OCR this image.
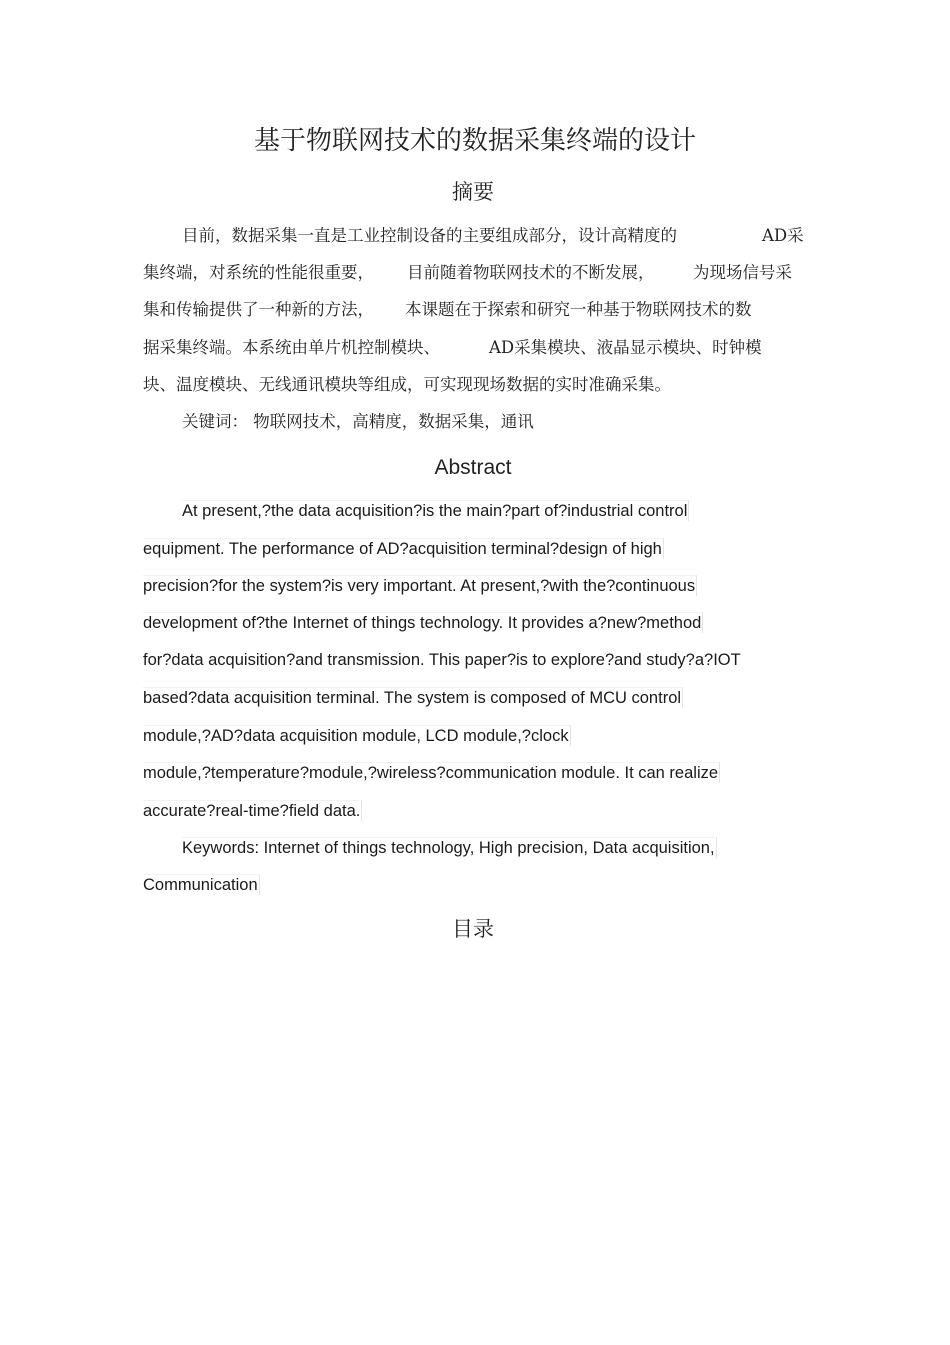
基于物联网技术的数据采集终端的设计
摘要
目前，数据采集一直是工业控制设备的主要组成部分，设计高精度的	AD采
集终端，对系统的性能很重要， 目前随着物联网技术的不断发展， 为现场信号采
集和传输提供了一种新的方法， 本课题在于探索和研究一种基于物联网技术的数
据采集终端。本系统由单片机控制模块、	AD采集模块、液晶显示模块、时钟模
块、温度模块、无线通讯模块等组成，可实现现场数据的实时准确采集。
关键词： 物联网技术，高精度，数据采集，通讯
Abstract
At present,?the data acquisition?is the main?part of?industrial control
equipment. The performance of AD?acquisition terminal?design of high
precision?for the system?is very important. At present,?with the?continuous
development of?the Internet of things technology. It provides a?new?method
for?data acquisition?and transmission. This paper?is to explore?and study?a?IOT
based?data acquisition terminal. The system is composed of MCU control
module,?AD?data acquisition module, LCD module,?clock
module,?temperature?module,?wireless?communication module. It can realize
accurate?real-time?field data.
Keywords: Internet of things technology, High precision, Data acquisition,
Communication
目录
